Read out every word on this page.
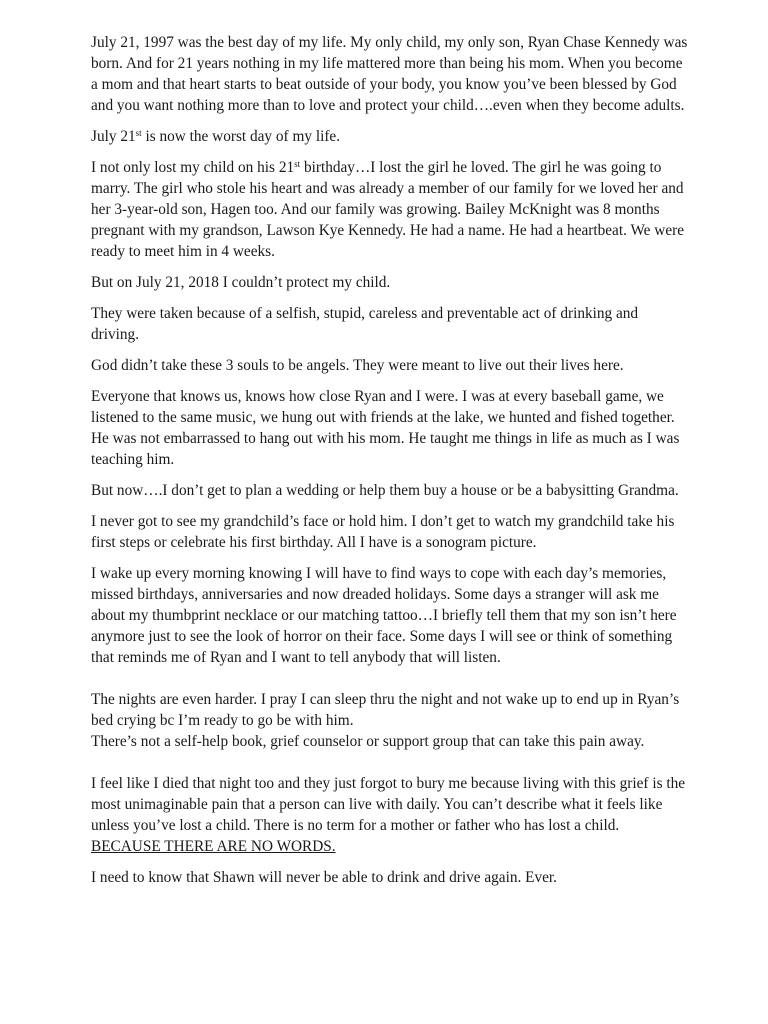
July 21, 1997 was the best day of my life. My only child, my only son, Ryan Chase Kennedy was born. And for 21 years nothing in my life mattered more than being his mom. When you become a mom and that heart starts to beat outside of your body, you know you’ve been blessed by God and you want nothing more than to love and protect your child….even when they become adults.

July 21st is now the worst day of my life.

I not only lost my child on his 21st birthday…I lost the girl he loved. The girl he was going to marry. The girl who stole his heart and was already a member of our family for we loved her and her 3-year-old son, Hagen too. And our family was growing. Bailey McKnight was 8 months pregnant with my grandson, Lawson Kye Kennedy. He had a name. He had a heartbeat. We were ready to meet him in 4 weeks.

But on July 21, 2018 I couldn’t protect my child.

They were taken because of a selfish, stupid, careless and preventable act of drinking and driving.

God didn’t take these 3 souls to be angels. They were meant to live out their lives here.

Everyone that knows us, knows how close Ryan and I were. I was at every baseball game, we listened to the same music, we hung out with friends at the lake, we hunted and fished together. He was not embarrassed to hang out with his mom. He taught me things in life as much as I was teaching him.

But now….I don’t get to plan a wedding or help them buy a house or be a babysitting Grandma.

I never got to see my grandchild’s face or hold him. I don’t get to watch my grandchild take his first steps or celebrate his first birthday. All I have is a sonogram picture.

I wake up every morning knowing I will have to find ways to cope with each day’s memories, missed birthdays, anniversaries and now dreaded holidays. Some days a stranger will ask me about my thumbprint necklace or our matching tattoo…I briefly tell them that my son isn’t here anymore just to see the look of horror on their face. Some days I will see or think of something that reminds me of Ryan and I want to tell anybody that will listen.

The nights are even harder. I pray I can sleep thru the night and not wake up to end up in Ryan’s bed crying bc I’m ready to go be with him.

There’s not a self-help book, grief counselor or support group that can take this pain away.

I feel like I died that night too and they just forgot to bury me because living with this grief is the most unimaginable pain that a person can live with daily. You can’t describe what it feels like unless you’ve lost a child. There is no term for a mother or father who has lost a child. BECAUSE THERE ARE NO WORDS.

I need to know that Shawn will never be able to drink and drive again. Ever.
